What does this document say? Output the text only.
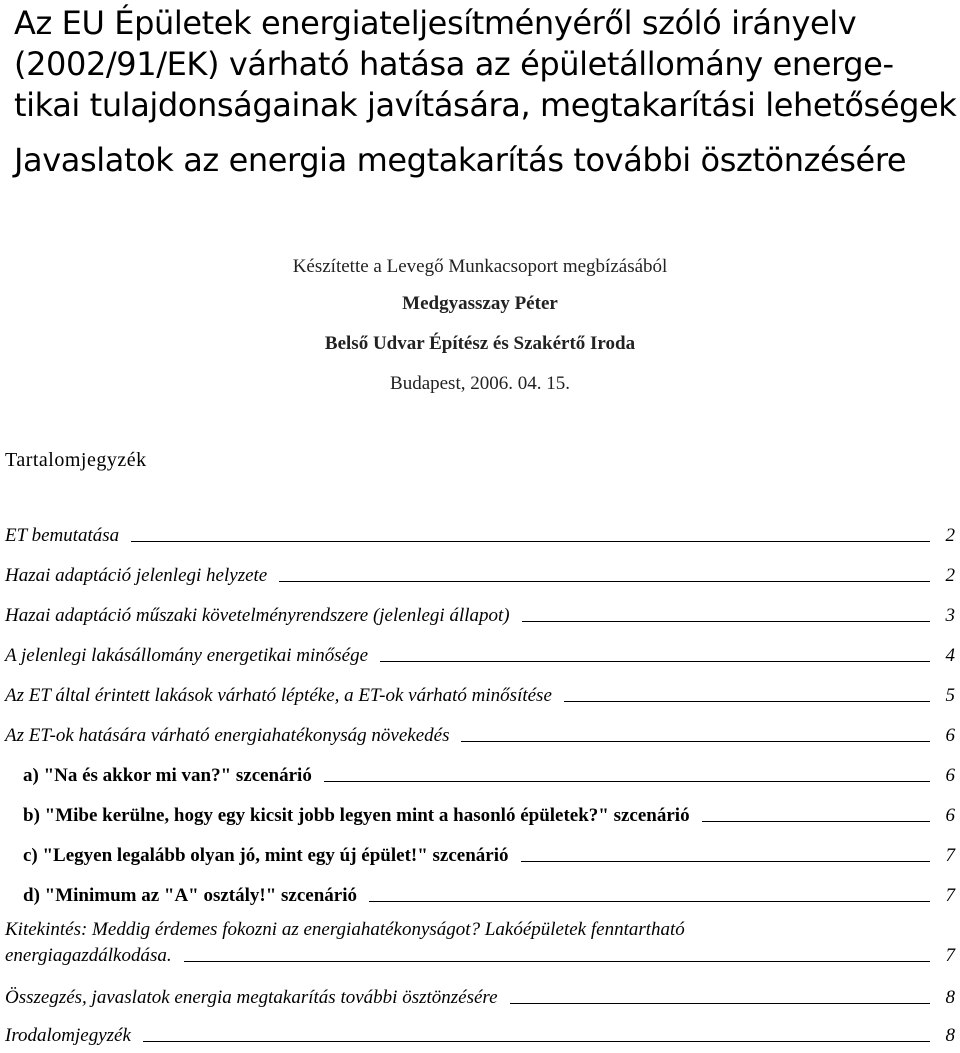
Az EU Épületek energiateljesítményéről szóló irányelv
(2002/91/EK) várható hatása az épületállomány energe-
tikai tulajdonságainak javítására, megtakarítási lehetőségek
Javaslatok az energia megtakarítás további ösztönzésére
Készítette a Levegő Munkacsoport megbízásából
Medgyasszay Péter
Belső Udvar Építész és Szakértő Iroda
Budapest, 2006. 04. 15.
Tartalomjegyzék
ET bemutatása	2
Hazai adaptáció jelenlegi helyzete	2
Hazai adaptáció műszaki követelményrendszere (jelenlegi állapot)	3
A jelenlegi lakásállomány energetikai minősége	4
Az ET által érintett lakások várható léptéke, a ET-ok várható minősítése	5
Az ET-ok hatására várható energiahatékonyság növekedés	6
a) "Na és akkor mi van?" szcenárió	6
b) "Mibe kerülne, hogy egy kicsit jobb legyen mint a hasonló épületek?" szcenárió	6
c) "Legyen legalább olyan jó, mint egy új épület!" szcenárió	7
d) "Minimum az "A" osztály!" szcenárió	7
Kitekintés: Meddig érdemes fokozni az energiahatékonyságot? Lakóépületek fenntartható
energiagazdálkodása.	7
Összegzés, javaslatok energia megtakarítás további ösztönzésére	8
Irodalomjegyzék	8
